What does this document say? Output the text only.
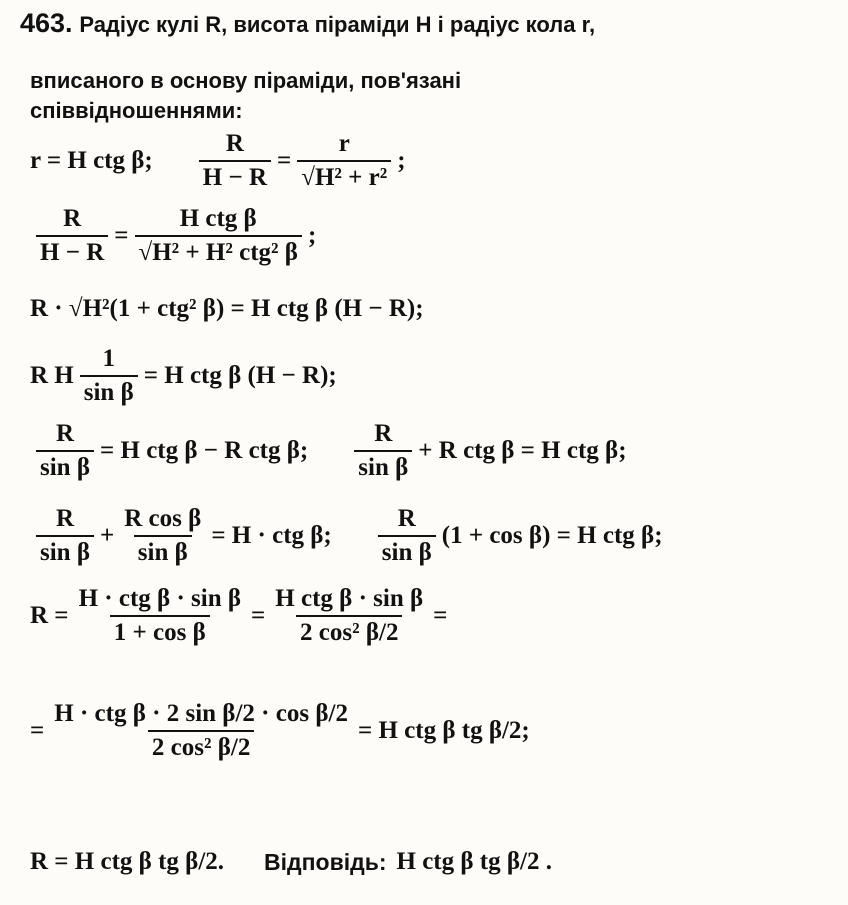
463. Радіус кулі R, висота піраміди H і радіус кола r,
вписаного в основу піраміди, пов'язані
співвідношеннями:
r = H ctg β; $\frac{R}{H - R} = \frac{r}{\text{√H² + r²}}$ ;
$\frac{R}{H - R} = \frac{\text{H ctg β}}{\text{√H² + H² ctg² β}}$ ;
R · √H²(1 + ctg² β) = H ctg β (H − R);
R H $\frac{1}{\text{sin β}} = H$ ctg β (H − R);
$\frac{R}{\text{sin β}} = H$ ctg β − R ctg β; $\frac{R}{\text{sin β}} + R$ ctg β = H ctg β;
$\frac{R}{\text{sin β}} + \frac{\text{R cos β}}{\text{sin β}} = H$ · ctg β; $\frac{R}{\text{sin β}} (1 + \cos \beta) = H$ ctg β;
$R = \frac{\text{H · ctg β · sin β}}{\text{1 + cos β}} = \frac{\text{H ctg β · sin β}}{\text{2 cos² β/2}}$ =
= $\frac{\text{H · ctg β · 2 sin β/2 · cos β/2}}{\text{2 cos² β/2}} = H$ ctg β tg β/2;
R = H ctg β tg β/2. Відповідь: H ctg β tg β/2 .
